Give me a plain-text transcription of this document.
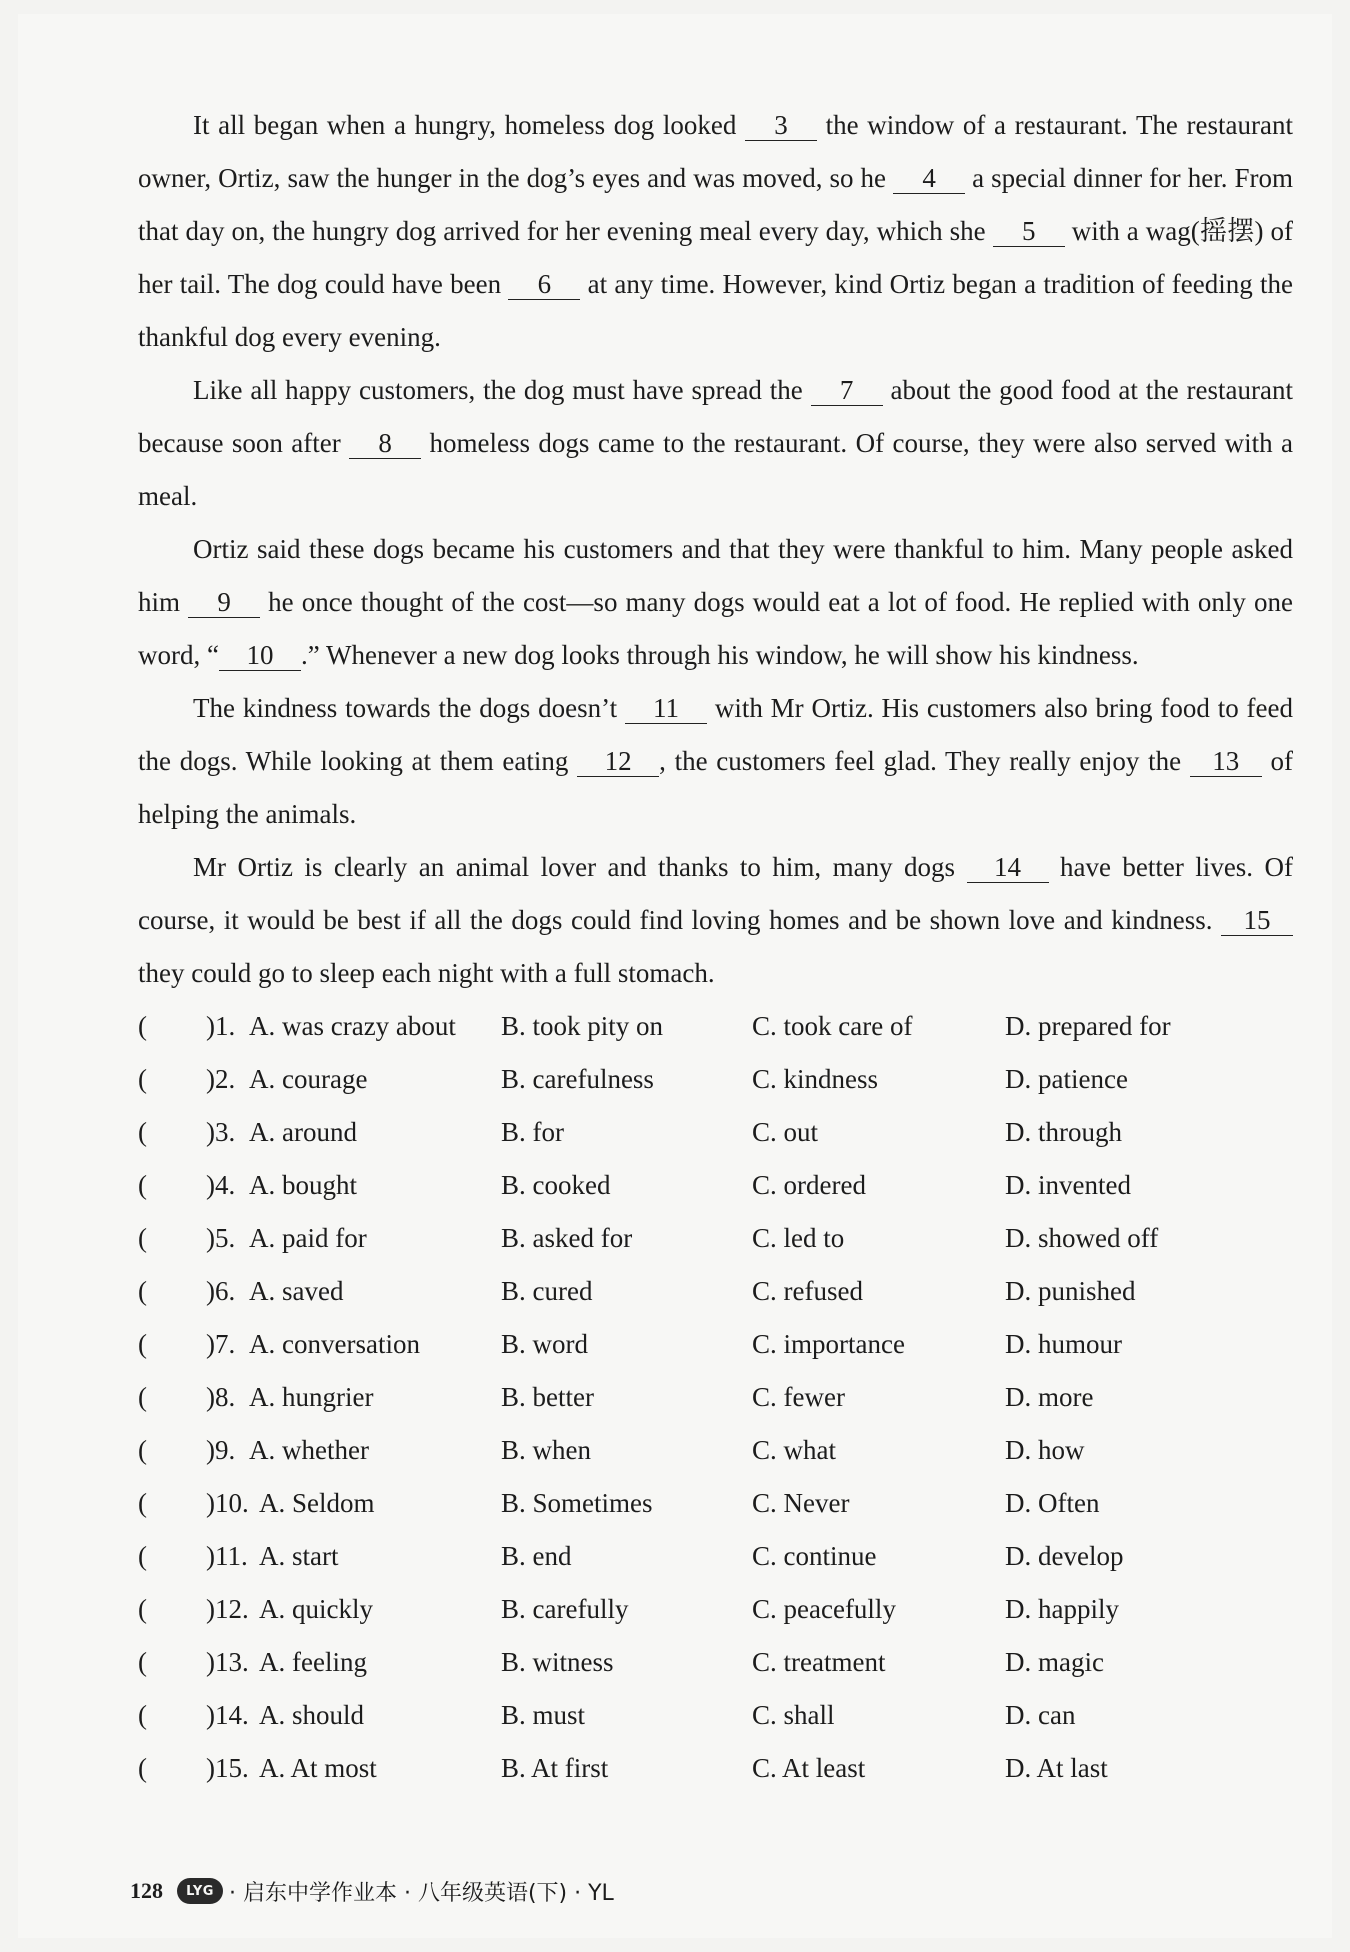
It all began when a hungry, homeless dog looked 3 the window of a restaurant. The restaurant owner, Ortiz, saw the hunger in the dog’s eyes and was moved, so he 4 a special dinner for her. From that day on, the hungry dog arrived for her evening meal every day, which she 5 with a wag(摇摆) of her tail. The dog could have been 6 at any time. However, kind Ortiz began a tradition of feeding the thankful dog every evening.

Like all happy customers, the dog must have spread the 7 about the good food at the restaurant because soon after 8 homeless dogs came to the restaurant. Of course, they were also served with a meal.

Ortiz said these dogs became his customers and that they were thankful to him. Many people asked him 9 he once thought of the cost—so many dogs would eat a lot of food. He replied with only one word, “ 10 .” Whenever a new dog looks through his window, he will show his kindness.

The kindness towards the dogs doesn’t 11 with Mr Ortiz. His customers also bring food to feed the dogs. While looking at them eating 12 , the customers feel glad. They really enjoy the 13 of helping the animals.

Mr Ortiz is clearly an animal lover and thanks to him, many dogs 14 have better lives. Of course, it would be best if all the dogs could find loving homes and be shown love and kindness. 15 they could go to sleep each night with a full stomach.

( )1. A. was crazy about B. took pity on	C. took care of	D. prepared for
( )2. A. courage	B. carefulness	C. kindness	D. patience
( )3. A. around	B. for	C. out	D. through
( )4. A. bought	B. cooked	C. ordered	D. invented
( )5. A. paid for	B. asked for	C. led to	D. showed off
( )6. A. saved	B. cured	C. refused	D. punished
( )7. A. conversation	B. word	C. importance	D. humour
( )8. A. hungrier	B. better	C. fewer	D. more
( )9. A. whether	B. when	C. what	D. how
( )10. A. Seldom	B. Sometimes	C. Never	D. Often
( )11. A. start	B. end	C. continue	D. develop
( )12. A. quickly	B. carefully	C. peacefully	D. happily
( )13. A. feeling	B. witness	C. treatment	D. magic
( )14. A. should	B. must	C. shall	D. can
( )15. A. At most	B. At first	C. At least	D. At last
128	LYG · 启东中学作业本 · 八年级英语(下) · YL
